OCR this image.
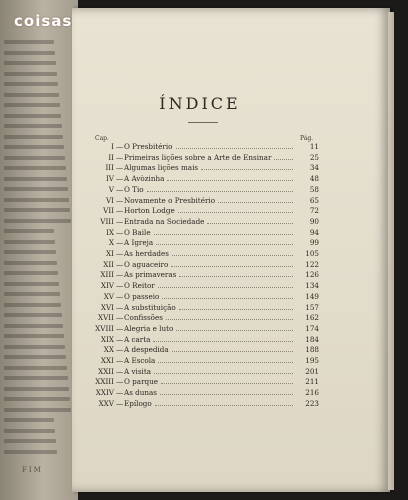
coisas
FIM
ÍNDICE
Cap.	Pág.
I — O Presbitério	11
II — Primeiras lições sobre a Arte de Ensinar	25
III — Algumas lições mais	34
IV — A Avòzinha	48
V — O Tio	58
VI — Novamente o Presbitério	65
VII — Horton Lodge	72
VIII — Entrada na Sociedade	90
IX — O Baile	94
X — A Igreja	99
XI — As herdades	105
XII — O aguaceiro	122
XIII — As primaveras	126
XIV — O Reitor	134
XV — O passeio	149
XVI — A substituição	157
XVII — Confissões	162
XVIII — Alegria e luto	174
XIX — A carta	184
XX — A despedida	188
XXI — A Escola	195
XXII — A visita	201
XXIII — O parque	211
XXIV — As dunas	216
XXV — Epílogo	223
